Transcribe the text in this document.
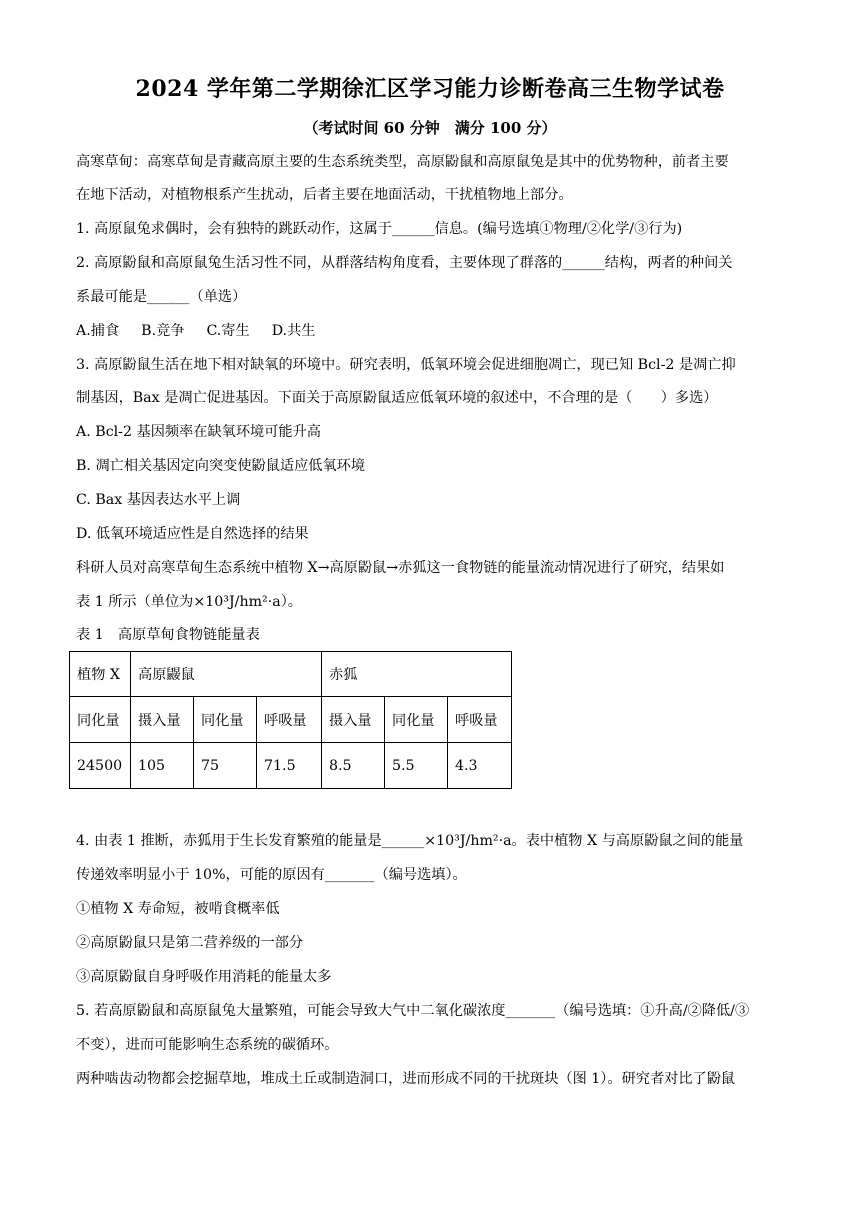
2024 学年第二学期徐汇区学习能力诊断卷高三生物学试卷
（考试时间 60 分钟　满分 100 分）
高寒草甸：高寒草甸是青藏高原主要的生态系统类型，高原鼢鼠和高原鼠兔是其中的优势物种，前者主要
在地下活动，对植物根系产生扰动，后者主要在地面活动，干扰植物地上部分。
1. 高原鼠兔求偶时，会有独特的跳跃动作，这属于______信息。(编号选填①物理/②化学/③行为)
2. 高原鼢鼠和高原鼠兔生活习性不同，从群落结构角度看，主要体现了群落的______结构，两者的种间关
系最可能是______（单选）
A.捕食 B.竞争 C.寄生 D.共生
3. 高原鼢鼠生活在地下相对缺氧的环境中。研究表明，低氧环境会促进细胞凋亡，现已知 Bcl-2 是凋亡抑
制基因，Bax 是凋亡促进基因。下面关于高原鼢鼠适应低氧环境的叙述中，不合理的是（　　）多选）
A. Bcl-2 基因频率在缺氧环境可能升高
B. 凋亡相关基因定向突变使鼢鼠适应低氧环境
C. Bax 基因表达水平上调
D. 低氧环境适应性是自然选择的结果
科研人员对高寒草甸生态系统中植物 X→高原鼢鼠→赤狐这一食物链的能量流动情况进行了研究，结果如
表 1 所示（单位为×10³J/hm²·a）。
表 1　高原草甸食物链能量表
植物 X	高原鼹鼠			赤狐		
同化量	摄入量	同化量	呼吸量	摄入量	同化量	呼吸量
24500	105	75	71.5	8.5	5.5	4.3
4. 由表 1 推断，赤狐用于生长发育繁殖的能量是______×10³J/hm²·a。表中植物 X 与高原鼢鼠之间的能量
传递效率明显小于 10%，可能的原因有_______（编号选填）。
①植物 X 寿命短，被啃食概率低
②高原鼢鼠只是第二营养级的一部分
③高原鼢鼠自身呼吸作用消耗的能量太多
5. 若高原鼢鼠和高原鼠兔大量繁殖，可能会导致大气中二氧化碳浓度_______（编号选填：①升高/②降低/③
不变），进而可能影响生态系统的碳循环。
两种啮齿动物都会挖掘草地，堆成土丘或制造洞口，进而形成不同的干扰斑块（图 1）。研究者对比了鼢鼠
